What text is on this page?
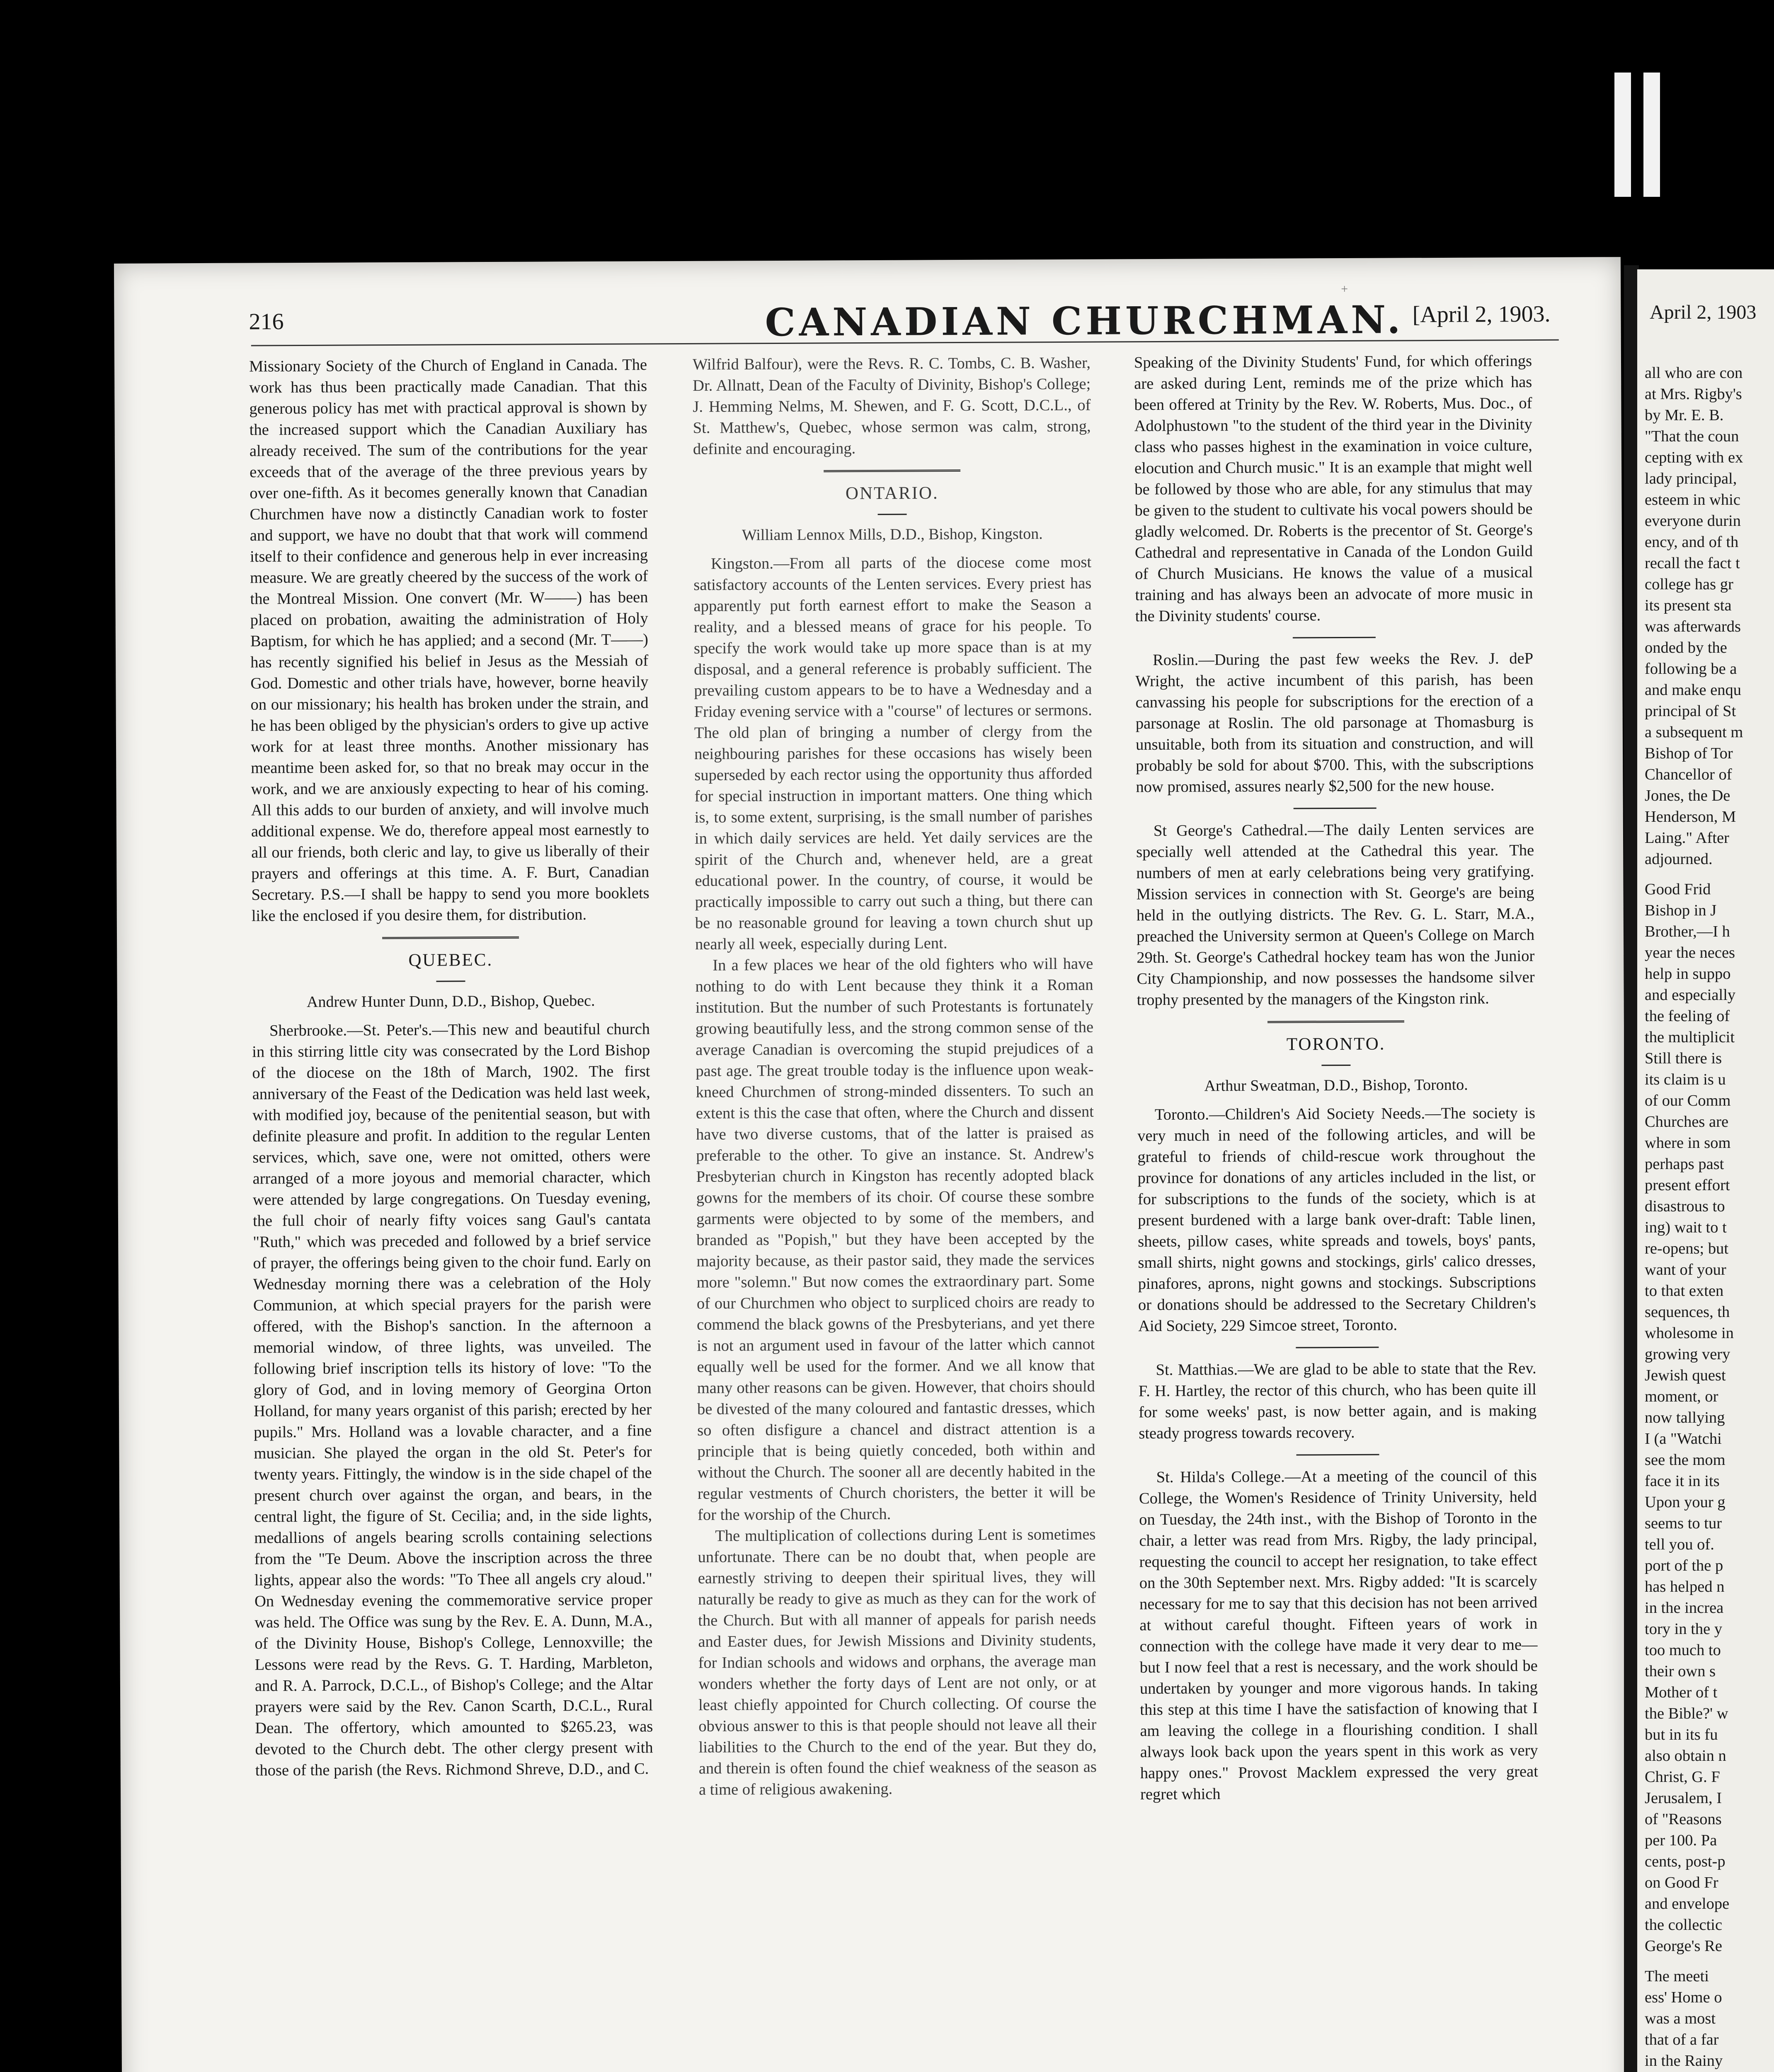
+
216	CANADIAN CHURCHMAN. [April 2, 1903.

Missionary Society of the Church of England in Canada. The work has thus been practically made Canadian. That this generous policy has met with practical approval is shown by the increased support which the Canadian Auxiliary has already received. The sum of the contributions for the year exceeds that of the average of the three previous years by over one-fifth. As it becomes generally known that Canadian Churchmen have now a distinctly Canadian work to foster and support, we have no doubt that that work will commend itself to their confidence and generous help in ever increasing measure. We are greatly cheered by the success of the work of the Montreal Mission. One convert (Mr. W——) has been placed on probation, awaiting the administration of Holy Baptism, for which he has applied; and a second (Mr. T——) has recently signified his belief in Jesus as the Messiah of God. Domestic and other trials have, however, borne heavily on our missionary; his health has broken under the strain, and he has been obliged by the physician's orders to give up active work for at least three months. Another missionary has meantime been asked for, so that no break may occur in the work, and we are anxiously expecting to hear of his coming. All this adds to our burden of anxiety, and will involve much additional expense. We do, therefore appeal most earnestly to all our friends, both cleric and lay, to give us liberally of their prayers and offerings at this time. A. F. Burt, Canadian Secretary. P.S.—I shall be happy to send you more booklets like the enclosed if you desire them, for distribution.

QUEBEC.
Andrew Hunter Dunn, D.D., Bishop, Quebec.

Sherbrooke.—St. Peter's.—This new and beautiful church in this stirring little city was consecrated by the Lord Bishop of the diocese on the 18th of March, 1902. The first anniversary of the Feast of the Dedication was held last week, with modified joy, because of the penitential season, but with definite pleasure and profit. In addition to the regular Lenten services, which, save one, were not omitted, others were arranged of a more joyous and memorial character, which were attended by large congregations. On Tuesday evening, the full choir of nearly fifty voices sang Gaul's cantata "Ruth," which was preceded and followed by a brief service of prayer, the offerings being given to the choir fund. Early on Wednesday morning there was a celebration of the Holy Communion, at which special prayers for the parish were offered, with the Bishop's sanction. In the afternoon a memorial window, of three lights, was unveiled. The following brief inscription tells its history of love: "To the glory of God, and in loving memory of Georgina Orton Holland, for many years organist of this parish; erected by her pupils." Mrs. Holland was a lovable character, and a fine musician. She played the organ in the old St. Peter's for twenty years. Fittingly, the window is in the side chapel of the present church over against the organ, and bears, in the central light, the figure of St. Cecilia; and, in the side lights, medallions of angels bearing scrolls containing selections from the "Te Deum. Above the inscription across the three lights, appear also the words: "To Thee all angels cry aloud." On Wednesday evening the commemorative service proper was held. The Office was sung by the Rev. E. A. Dunn, M.A., of the Divinity House, Bishop's College, Lennoxville; the Lessons were read by the Revs. G. T. Harding, Marbleton, and R. A. Parrock, D.C.L., of Bishop's College; and the Altar prayers were said by the Rev. Canon Scarth, D.C.L., Rural Dean. The offertory, which amounted to $265.23, was devoted to the Church debt. The other clergy present with those of the parish (the Revs. Richmond Shreve, D.D., and C.

Wilfrid Balfour), were the Revs. R. C. Tombs, C. B. Washer, Dr. Allnatt, Dean of the Faculty of Divinity, Bishop's College; J. Hemming Nelms, M. Shewen, and F. G. Scott, D.C.L., of St. Matthew's, Quebec, whose sermon was calm, strong, definite and encouraging.

ONTARIO.
William Lennox Mills, D.D., Bishop, Kingston.

Kingston.—From all parts of the diocese come most satisfactory accounts of the Lenten services. Every priest has apparently put forth earnest effort to make the Season a reality, and a blessed means of grace for his people. To specify the work would take up more space than is at my disposal, and a general reference is probably sufficient. The prevailing custom appears to be to have a Wednesday and a Friday evening service with a "course" of lectures or sermons. The old plan of bringing a number of clergy from the neighbouring parishes for these occasions has wisely been superseded by each rector using the opportunity thus afforded for special instruction in important matters. One thing which is, to some extent, surprising, is the small number of parishes in which daily services are held. Yet daily services are the spirit of the Church and, whenever held, are a great educational power. In the country, of course, it would be practically impossible to carry out such a thing, but there can be no reasonable ground for leaving a town church shut up nearly all week, especially during Lent.

In a few places we hear of the old fighters who will have nothing to do with Lent because they think it a Roman institution. But the number of such Protestants is fortunately growing beautifully less, and the strong common sense of the average Canadian is overcoming the stupid prejudices of a past age. The great trouble today is the influence upon weak-kneed Churchmen of strong-minded dissenters. To such an extent is this the case that often, where the Church and dissent have two diverse customs, that of the latter is praised as preferable to the other. To give an instance. St. Andrew's Presbyterian church in Kingston has recently adopted black gowns for the members of its choir. Of course these sombre garments were objected to by some of the members, and branded as "Popish," but they have been accepted by the majority because, as their pastor said, they made the services more "solemn." But now comes the extraordinary part. Some of our Churchmen who object to surpliced choirs are ready to commend the black gowns of the Presbyterians, and yet there is not an argument used in favour of the latter which cannot equally well be used for the former. And we all know that many other reasons can be given. However, that choirs should be divested of the many coloured and fantastic dresses, which so often disfigure a chancel and distract attention is a principle that is being quietly conceded, both within and without the Church. The sooner all are decently habited in the regular vestments of Church choristers, the better it will be for the worship of the Church.

The multiplication of collections during Lent is sometimes unfortunate. There can be no doubt that, when people are earnestly striving to deepen their spiritual lives, they will naturally be ready to give as much as they can for the work of the Church. But with all manner of appeals for parish needs and Easter dues, for Jewish Missions and Divinity students, for Indian schools and widows and orphans, the average man wonders whether the forty days of Lent are not only, or at least chiefly appointed for Church collecting. Of course the obvious answer to this is that people should not leave all their liabilities to the Church to the end of the year. But they do, and therein is often found the chief weakness of the season as a time of religious awakening.

Speaking of the Divinity Students' Fund, for which offerings are asked during Lent, reminds me of the prize which has been offered at Trinity by the Rev. W. Roberts, Mus. Doc., of Adolphustown "to the student of the third year in the Divinity class who passes highest in the examination in voice culture, elocution and Church music." It is an example that might well be followed by those who are able, for any stimulus that may be given to the student to cultivate his vocal powers should be gladly welcomed. Dr. Roberts is the precentor of St. George's Cathedral and representative in Canada of the London Guild of Church Musicians. He knows the value of a musical training and has always been an advocate of more music in the Divinity students' course.

Roslin.—During the past few weeks the Rev. J. deP Wright, the active incumbent of this parish, has been canvassing his people for subscriptions for the erection of a parsonage at Roslin. The old parsonage at Thomasburg is unsuitable, both from its situation and construction, and will probably be sold for about $700. This, with the subscriptions now promised, assures nearly $2,500 for the new house.

St George's Cathedral.—The daily Lenten services are specially well attended at the Cathedral this year. The numbers of men at early celebrations being very gratifying. Mission services in connection with St. George's are being held in the outlying districts. The Rev. G. L. Starr, M.A., preached the University sermon at Queen's College on March 29th. St. George's Cathedral hockey team has won the Junior City Championship, and now possesses the handsome silver trophy presented by the managers of the Kingston rink.

TORONTO.
Arthur Sweatman, D.D., Bishop, Toronto.

Toronto.—Children's Aid Society Needs.—The society is very much in need of the following articles, and will be grateful to friends of child-rescue work throughout the province for donations of any articles included in the list, or for subscriptions to the funds of the society, which is at present burdened with a large bank over-draft: Table linen, sheets, pillow cases, white spreads and towels, boys' pants, small shirts, night gowns and stockings, girls' calico dresses, pinafores, aprons, night gowns and stockings. Subscriptions or donations should be addressed to the Secretary Children's Aid Society, 229 Simcoe street, Toronto.

St. Matthias.—We are glad to be able to state that the Rev. F. H. Hartley, the rector of this church, who has been quite ill for some weeks' past, is now better again, and is making steady progress towards recovery.

St. Hilda's College.—At a meeting of the council of this College, the Women's Residence of Trinity University, held on Tuesday, the 24th inst., with the Bishop of Toronto in the chair, a letter was read from Mrs. Rigby, the lady principal, requesting the council to accept her resignation, to take effect on the 30th September next. Mrs. Rigby added: "It is scarcely necessary for me to say that this decision has not been arrived at without careful thought. Fifteen years of work in connection with the college have made it very dear to me—but I now feel that a rest is necessary, and the work should be undertaken by younger and more vigorous hands. In taking this step at this time I have the satisfaction of knowing that I am leaving the college in a flourishing condition. I shall always look back upon the years spent in this work as very happy ones." Provost Macklem expressed the very great regret which

April 2, 1903

all who are con
at Mrs. Rigby's
by Mr. E. B.
"That the coun
cepting with ex
lady principal,
esteem in whic
everyone durin
ency, and of th
recall the fact t
college has gr
its present sta
was afterwards
onded by the
following be a
and make enqu
principal of St
a subsequent m
Bishop of Tor
Chancellor of
Jones, the De
Henderson, M
Laing." After
adjourned.

Good Frid
Bishop in J
Brother,—I h
year the neces
help in suppo
and especially
the feeling of
the multiplicit
Still there is
its claim is u
of our Comm
Churches are
where in som
perhaps past
present effort
disastrous to
ing) wait to t
re-opens; but
want of your
to that exten
sequences, th
wholesome in
growing very
Jewish quest
moment, or
now tallying
I (a "Watchi
see the mom
face it in its
Upon your g
seems to tur
tell you of.
port of the p
has helped n
in the increa
tory in the y
too much to
their own s
Mother of t
the Bible?' w
but in its fu
also obtain n
Christ, G. F
Jerusalem, I
of "Reasons
per 100. Pa
cents, post-p
on Good Fr
and envelope
the collectic
George's Re

The meeti
ess' Home o
was a most
that of a far
in the Rainy
